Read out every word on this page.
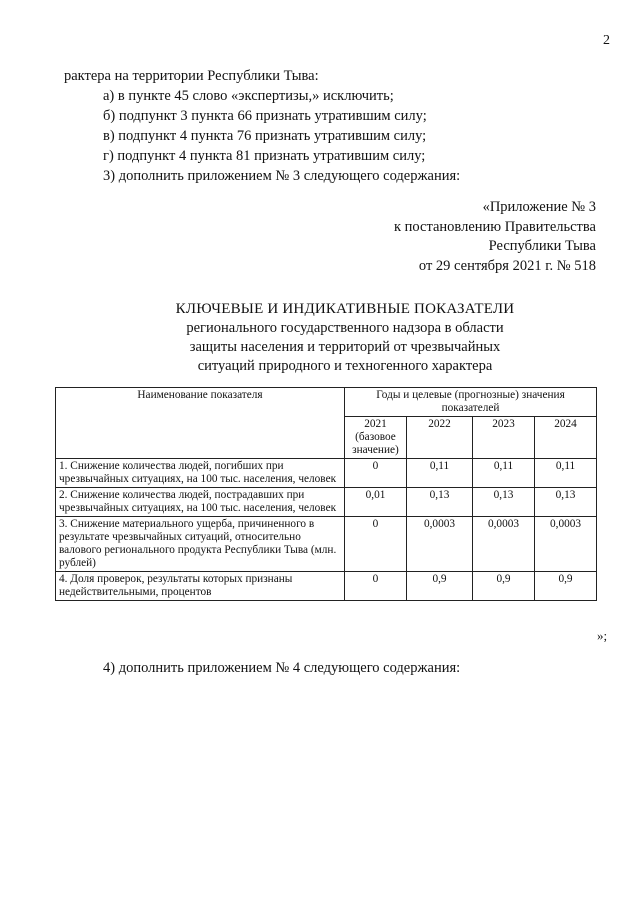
2
рактера на территории Республики Тыва:
а) в пункте 45 слово «экспертизы,» исключить;
б) подпункт 3 пункта 66 признать утратившим силу;
в) подпункт 4 пункта 76 признать утратившим силу;
г) подпункт 4 пункта 81 признать утратившим силу;
3) дополнить приложением № 3 следующего содержания:
«Приложение № 3
к постановлению Правительства
Республики Тыва
от 29 сентября 2021 г. № 518
КЛЮЧЕВЫЕ И ИНДИКАТИВНЫЕ ПОКАЗАТЕЛИ
регионального государственного надзора в области
защиты населения и территорий от чрезвычайных
ситуаций природного и техногенного характера
Наименование показателя	Годы и целевые (прогнозные) значения показателей			
	2021 (базовое значение)	2022	2023	2024
1. Снижение количества людей, погибших при чрезвычайных ситуациях, на 100 тыс. населения, человек	0	0,11	0,11	0,11
2. Снижение количества людей, пострадавших при чрезвычайных ситуациях, на 100 тыс. населения, человек	0,01	0,13	0,13	0,13
3. Снижение материального ущерба, причиненного в результате чрезвычайных ситуаций, относительно валового регионального продукта Республики Тыва (млн. рублей)	0	0,0003	0,0003	0,0003
4. Доля проверок, результаты которых признаны недействительными, процентов	0	0,9	0,9	0,9
»;
4) дополнить приложением № 4 следующего содержания:
